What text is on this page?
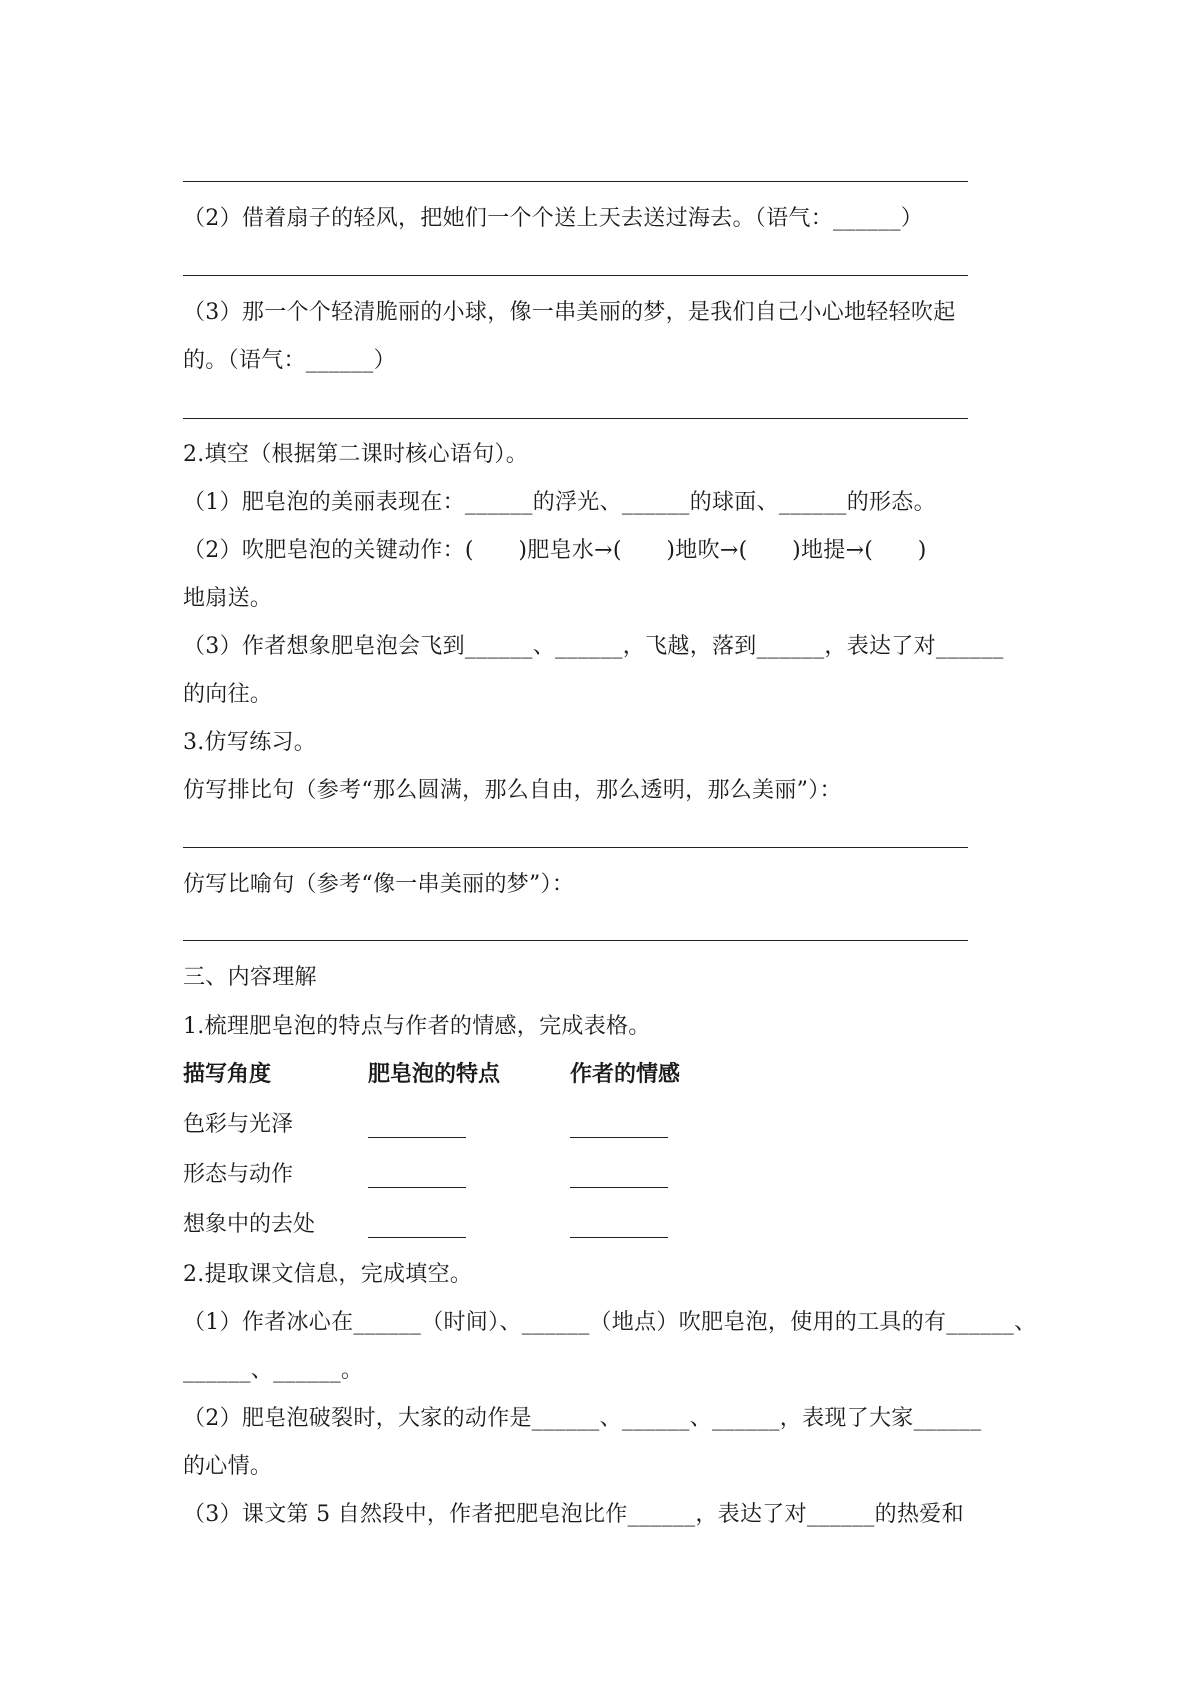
（2）借着扇子的轻风，把她们一个个送上天去送过海去。（语气：______）
（3）那一个个轻清脆丽的小球，像一串美丽的梦，是我们自己小心地轻轻吹起
的。（语气：______）
2.填空（根据第二课时核心语句）。
（1）肥皂泡的美丽表现在：______的浮光、______的球面、______的形态。
（2）吹肥皂泡的关键动作：(　　)肥皂水→(　　)地吹→(　　)地提→(　　)
地扇送。
（3）作者想象肥皂泡会飞到______、______，飞越，落到______，表达了对______
的向往。
3.仿写练习。
仿写排比句（参考“那么圆满，那么自由，那么透明，那么美丽”）：
仿写比喻句（参考“像一串美丽的梦”）：
三、内容理解
1.梳理肥皂泡的特点与作者的情感，完成表格。
描写角度	肥皂泡的特点	作者的情感
色彩与光泽
形态与动作
想象中的去处
2.提取课文信息，完成填空。
（1）作者冰心在______（时间）、______（地点）吹肥皂泡，使用的工具的有______、
______、______。
（2）肥皂泡破裂时，大家的动作是______、______、______，表现了大家______
的心情。
（3）课文第 5 自然段中，作者把肥皂泡比作______，表达了对______的热爱和
